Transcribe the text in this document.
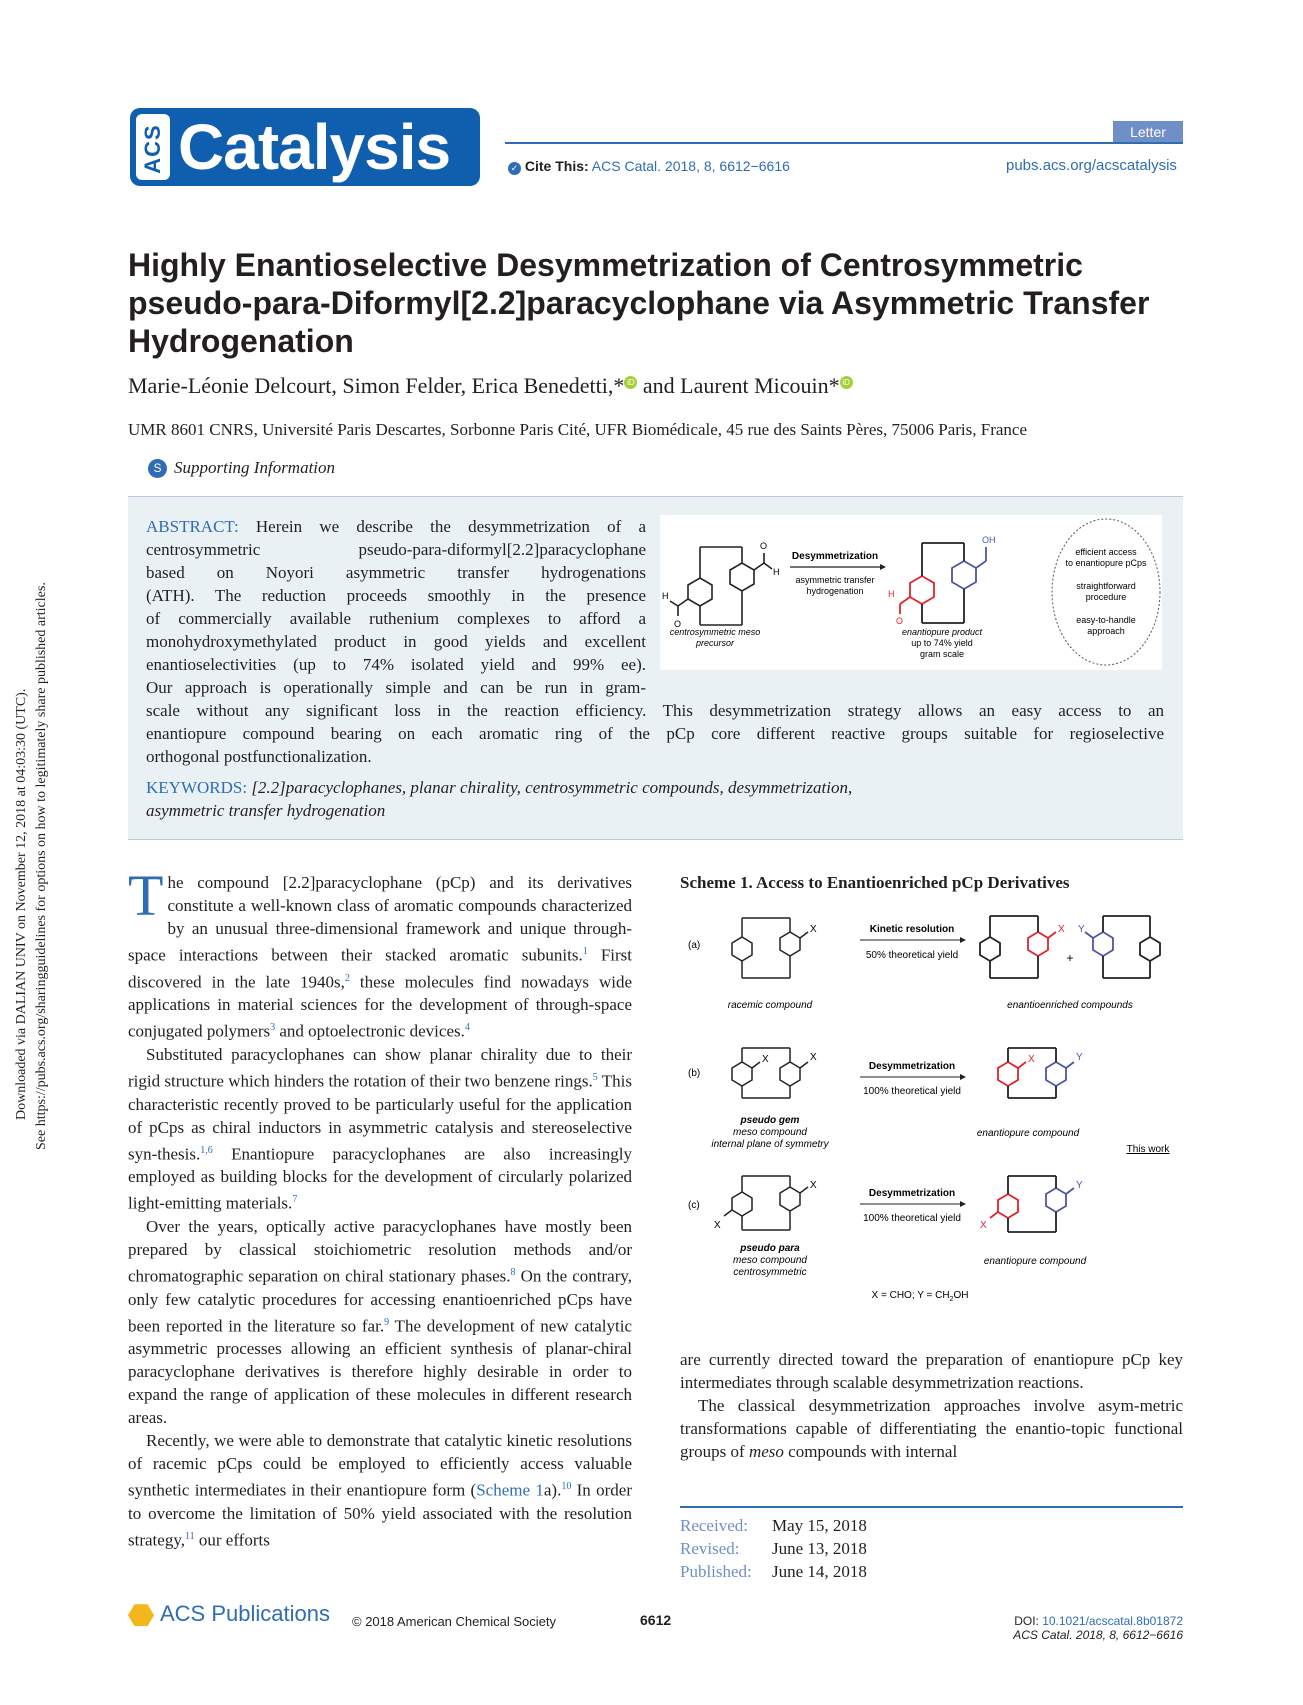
Downloaded via DALIAN UNIV on November 12, 2018 at 04:03:30 (UTC). See https://pubs.acs.org/sharingguidelines for options on how to legitimately share published articles.
ACS Catalysis	Letter
✓ Cite This: ACS Catal. 2018, 8, 6612−6616	pubs.acs.org/acscatalysis
Highly Enantioselective Desymmetrization of Centrosymmetric
pseudo-para-Diformyl[2.2]paracyclophane via Asymmetric Transfer
Hydrogenation
Marie-Léonie Delcourt, Simon Felder, Erica Benedetti,* iD and Laurent Micouin* iD
UMR 8601 CNRS, Université Paris Descartes, Sorbonne Paris Cité, UFR Biomédicale, 45 rue des Saints Pères, 75006 Paris, France
S Supporting Information
ABSTRACT: Herein we describe the desymmetrization of a
centrosymmetric pseudo-para-diformyl[2.2]paracyclophane
based on Noyori asymmetric transfer hydrogenations
(ATH). The reduction proceeds smoothly in the presence
of commercially available ruthenium complexes to afford a
monohydroxymethylated product in good yields and excellent
enantioselectivities (up to 74% isolated yield and 99% ee).
Our approach is operationally simple and can be run in gram-
scale without any significant loss in the reaction efficiency. This desymmetrization strategy allows an easy access to an
enantiopure compound bearing on each aromatic ring of the pCp core different reactive groups suitable for regioselective
orthogonal postfunctionalization.
KEYWORDS: [2.2]paracyclophanes, planar chirality, centrosymmetric compounds, desymmetrization,
asymmetric transfer hydrogenation
O
H
H
O
centrosymmetric meso
precursor
Desymmetrization
asymmetric transfer
hydrogenation
OH
H
O
enantiopure product
up to 74% yield
gram scale
efficient access
to enantiopure pCps
straightforward
procedure
easy-to-handle
approach

The compound [2.2]paracyclophane (pCp) and its derivatives constitute a well-known class of aromatic compounds characterized by an unusual three-dimensional framework and unique through-space interactions between their stacked aromatic subunits.$^1$ First discovered in the late 1940s,$^2$ these molecules find nowadays wide applications in material sciences for the development of through-space conjugated polymers$^3$ and optoelectronic devices.$^4$

Substituted paracyclophanes can show planar chirality due to their rigid structure which hinders the rotation of their two benzene rings.$^5$ This characteristic recently proved to be particularly useful for the application of pCps as chiral inductors in asymmetric catalysis and stereoselective syn-thesis.$^{1,6}$ Enantiopure paracyclophanes are also increasingly employed as building blocks for the development of circularly polarized light-emitting materials.$^7$

Over the years, optically active paracyclophanes have mostly been prepared by classical stoichiometric resolution methods and/or chromatographic separation on chiral stationary phases.$^8$ On the contrary, only few catalytic procedures for accessing enantioenriched pCps have been reported in the literature so far.$^9$ The development of new catalytic asymmetric processes allowing an efficient synthesis of planar-chiral paracyclophane derivatives is therefore highly desirable in order to expand the range of application of these molecules in different research areas.

Recently, we were able to demonstrate that catalytic kinetic resolutions of racemic pCps could be employed to efficiently access valuable synthetic intermediates in their enantiopure form (Scheme 1a).$^{10}$ In order to overcome the limitation of 50% yield associated with the resolution strategy,$^{11}$ our efforts

Scheme 1. Access to Enantioenriched pCp Derivatives
(a)
X
racemic compound
Kinetic resolution
50% theoretical yield
X Y
+
enantioenriched compounds
(b)
X	X
pseudo gem
meso compound
internal plane of symmetry
Desymmetrization
100% theoretical yield
X	Y
enantiopure compound
This work
(c)
X
X
pseudo para
meso compound
centrosymmetric
Desymmetrization
100% theoretical yield
Y
X
enantiopure compound
X = CHO; $Y = CH_2OH$

are currently directed toward the preparation of enantiopure pCp key intermediates through scalable desymmetrization reactions.

The classical desymmetrization approaches involve asym-metric transformations capable of differentiating the enantio-topic functional groups of meso compounds with internal

Received: May 15, 2018
Revised: June 13, 2018
Published: June 14, 2018
ACS Publications © 2018 American Chemical Society	6612	DOI: 10.1021/acscatal.8b01872
ACS Catal. 2018, 8, 6612−6616
